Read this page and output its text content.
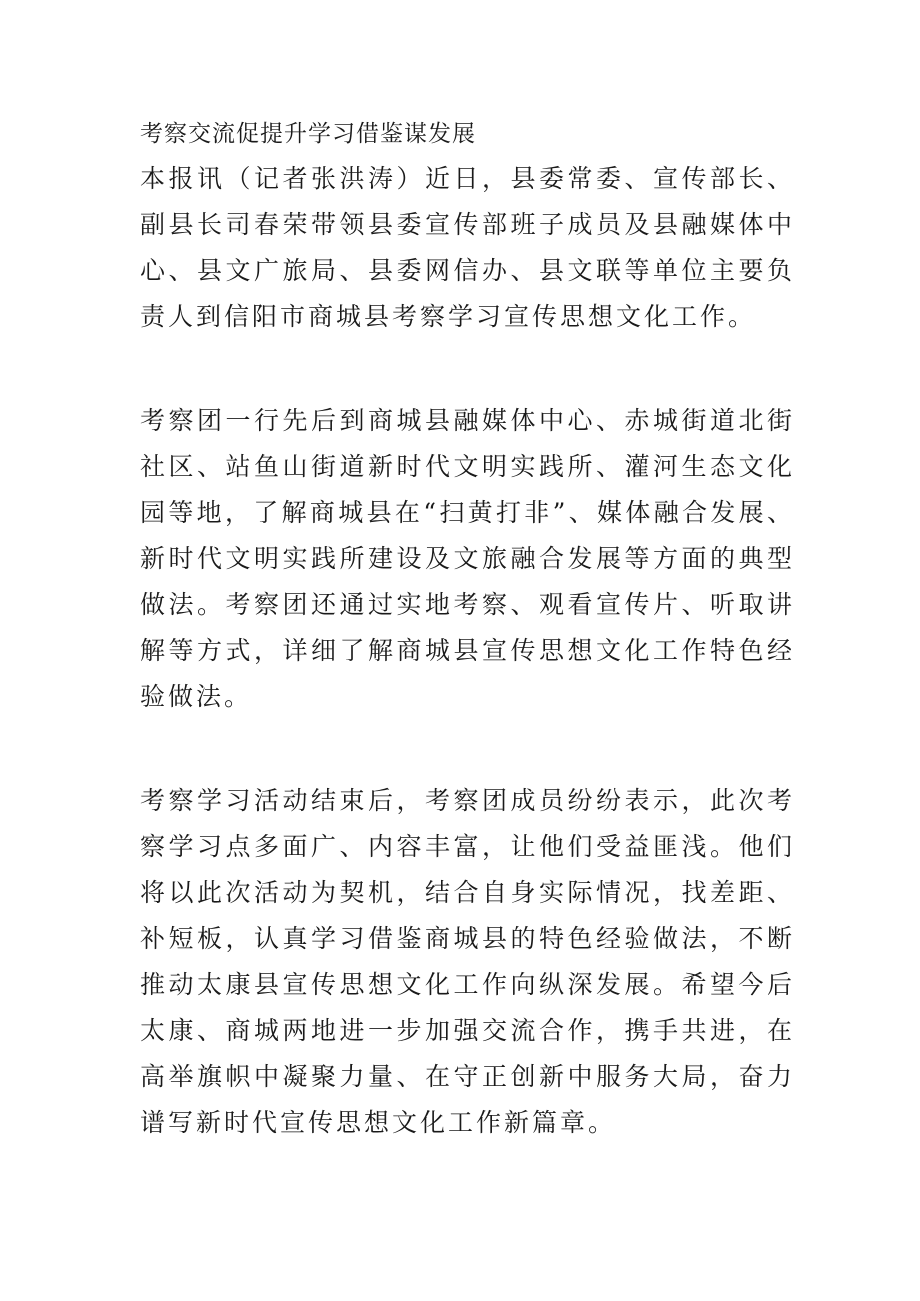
考察交流促提升学习借鉴谋发展

本报讯（记者张洪涛）近日，县委常委、宣传部长、副县长司春荣带领县委宣传部班子成员及县融媒体中心、县文广旅局、县委网信办、县文联等单位主要负责人到信阳市商城县考察学习宣传思想文化工作。

考察团一行先后到商城县融媒体中心、赤城街道北街社区、站鱼山街道新时代文明实践所、灌河生态文化园等地，了解商城县在“扫黄打非”、媒体融合发展、新时代文明实践所建设及文旅融合发展等方面的典型做法。考察团还通过实地考察、观看宣传片、听取讲解等方式，详细了解商城县宣传思想文化工作特色经验做法。

考察学习活动结束后，考察团成员纷纷表示，此次考察学习点多面广、内容丰富，让他们受益匪浅。他们将以此次活动为契机，结合自身实际情况，找差距、补短板，认真学习借鉴商城县的特色经验做法，不断推动太康县宣传思想文化工作向纵深发展。希望今后太康、商城两地进一步加强交流合作，携手共进，在高举旗帜中凝聚力量、在守正创新中服务大局，奋力谱写新时代宣传思想文化工作新篇章。
